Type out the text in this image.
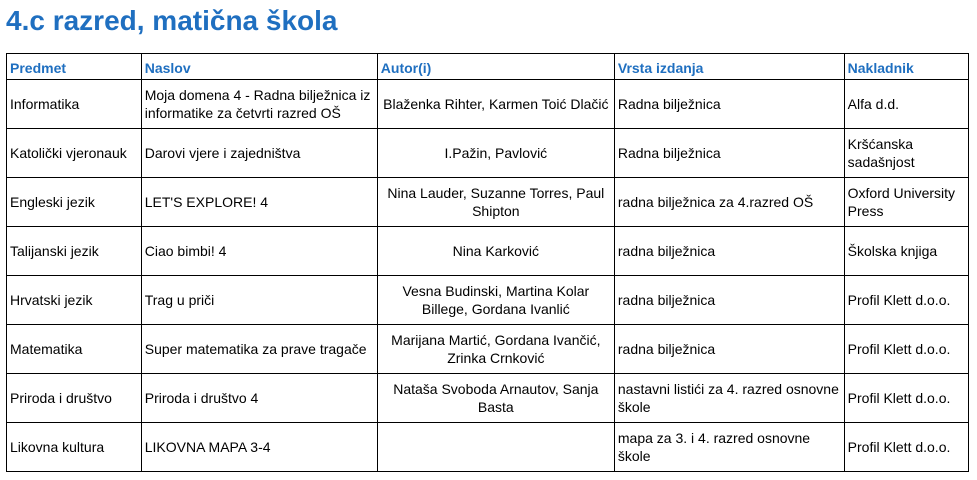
4.c razred, matična škola
Predmet	Naslov	Autor(i)	Vrsta izdanja	Nakladnik
Informatika	Moja domena 4 - Radna bilježnica iz informatike za četvrti razred OŠ	Blaženka Rihter, Karmen Toić Dlačić	Radna bilježnica	Alfa d.d.
Katolički vjeronauk	Darovi vjere i zajedništva	I.Pažin, Pavlović	Radna bilježnica	Kršćanska sadašnjost
Engleski jezik	LET'S EXPLORE! 4	Nina Lauder, Suzanne Torres, Paul Shipton	radna bilježnica za 4.razred OŠ	Oxford University Press
Talijanski jezik	Ciao bimbi! 4	Nina Karković	radna bilježnica	Školska knjiga
Hrvatski jezik	Trag u priči	Vesna Budinski, Martina Kolar Billege, Gordana Ivanlić	radna bilježnica	Profil Klett d.o.o.
Matematika	Super matematika za prave tragače	Marijana Martić, Gordana Ivančić, Zrinka Crnković	radna bilježnica	Profil Klett d.o.o.
Priroda i društvo	Priroda i društvo 4	Nataša Svoboda Arnautov, Sanja Basta	nastavni listići za 4. razred osnovne škole	Profil Klett d.o.o.
Likovna kultura	LIKOVNA MAPA 3-4		mapa za 3. i 4. razred osnovne škole	Profil Klett d.o.o.
